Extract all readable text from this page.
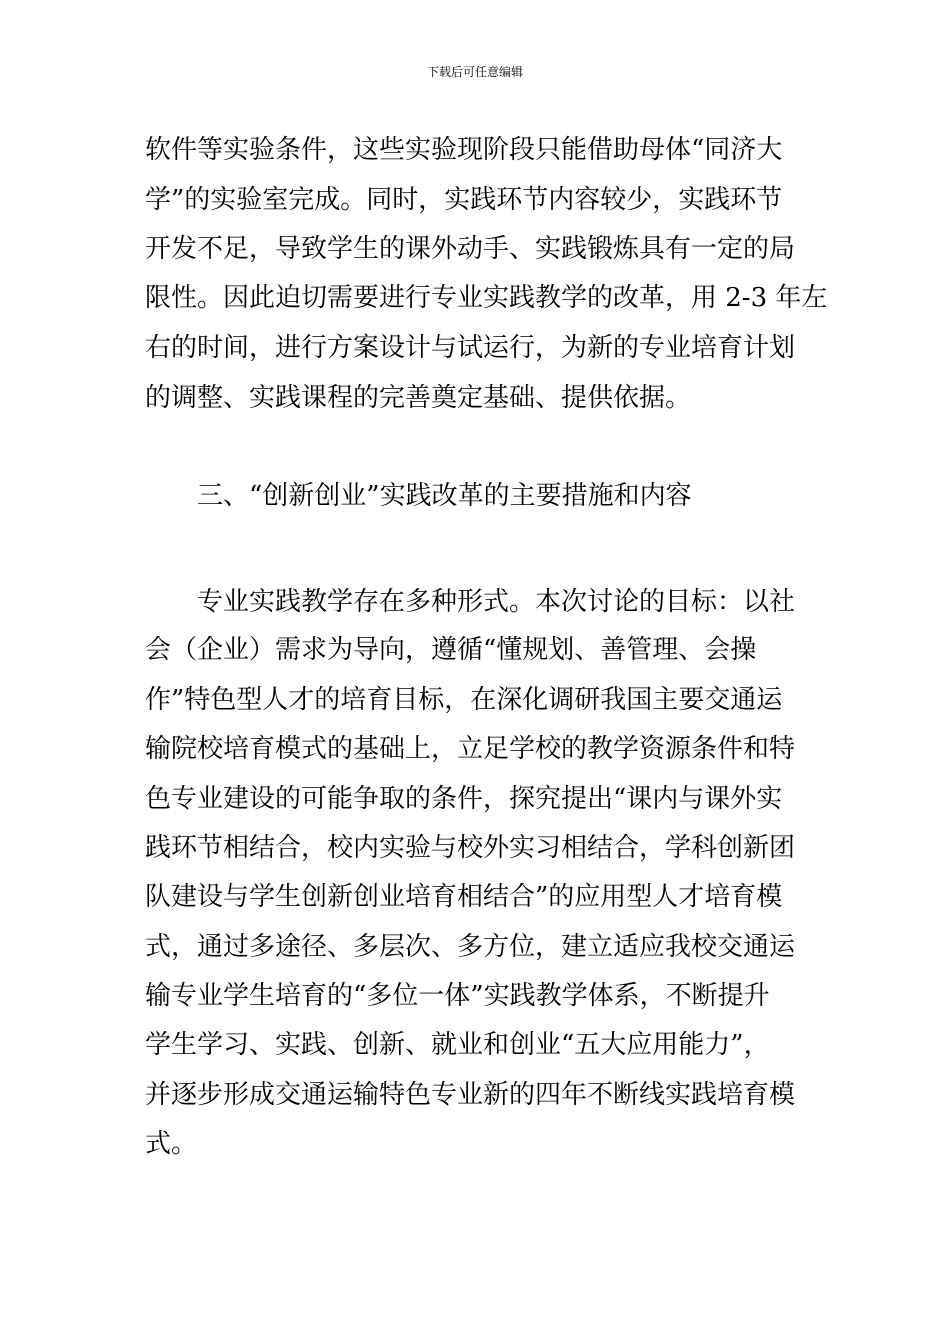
下载后可任意编辑
软件等实验条件，这些实验现阶段只能借助母体“同济大
学”的实验室完成。同时，实践环节内容较少，实践环节
开发不足，导致学生的课外动手、实践锻炼具有一定的局
限性。因此迫切需要进行专业实践教学的改革，用 2-3 年左
右的时间，进行方案设计与试运行，为新的专业培育计划
的调整、实践课程的完善奠定基础、提供依据。
三、“创新创业”实践改革的主要措施和内容
专业实践教学存在多种形式。本次讨论的目标：以社
会（企业）需求为导向，遵循“懂规划、善管理、会操
作”特色型人才的培育目标，在深化调研我国主要交通运
输院校培育模式的基础上，立足学校的教学资源条件和特
色专业建设的可能争取的条件，探究提出“课内与课外实
践环节相结合，校内实验与校外实习相结合，学科创新团
队建设与学生创新创业培育相结合”的应用型人才培育模
式，通过多途径、多层次、多方位，建立适应我校交通运
输专业学生培育的“多位一体”实践教学体系，不断提升
学生学习、实践、创新、就业和创业“五大应用能力”，
并逐步形成交通运输特色专业新的四年不断线实践培育模
式。
